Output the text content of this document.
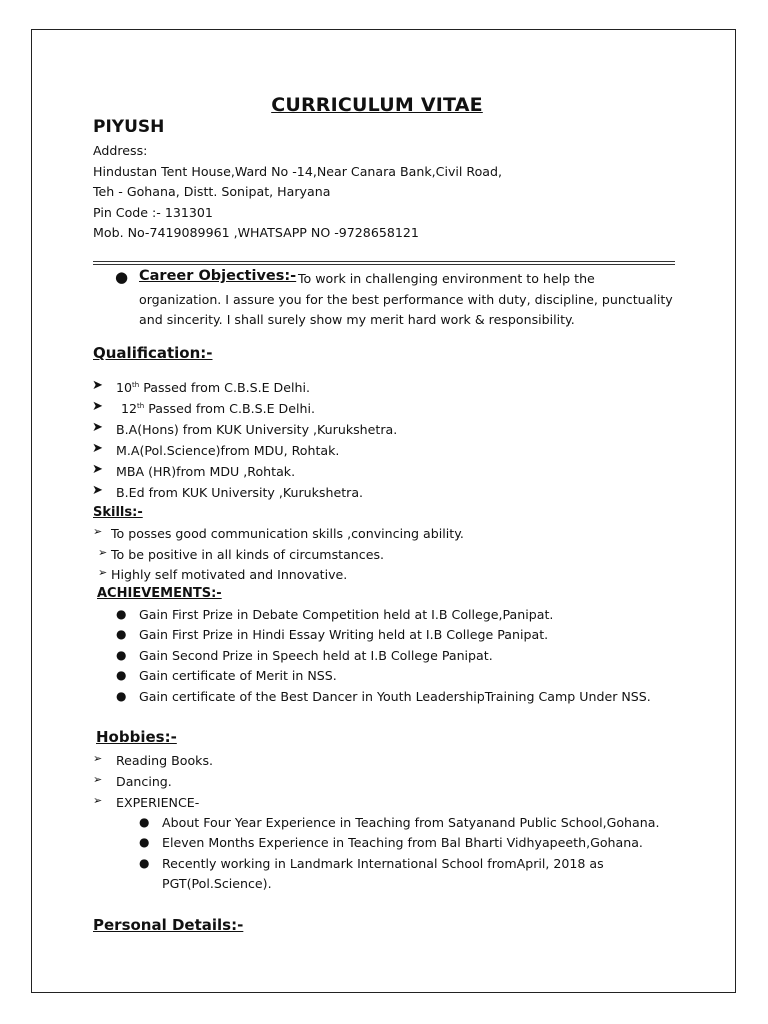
CURRICULUM VITAE
PIYUSH
Address:
Hindustan Tent House,Ward No -14,Near Canara Bank,Civil Road,
Teh - Gohana, Distt. Sonipat, Haryana
Pin Code :- 131301
Mob. No-7419089961 ,WHATSAPP NO -9728658121
● Career Objectives:- To work in challenging environment to help the
organization. I assure you for the best performance with duty, discipline, punctuality
and sincerity. I shall surely show my merit hard work & responsibility.
Qualification:-
➤ 10th Passed from C.B.S.E Delhi.
➤ 12th Passed from C.B.S.E Delhi.
➤ B.A(Hons) from KUK University ,Kurukshetra.
➤ M.A(Pol.Science)from MDU, Rohtak.
➤ MBA (HR)from MDU ,Rohtak.
➤ B.Ed from KUK University ,Kurukshetra.
Skills:-
➢ To posses good communication skills ,convincing ability.
➢ To be positive in all kinds of circumstances.
➢ Highly self motivated and Innovative.
ACHIEVEMENTS:-
● Gain First Prize in Debate Competition held at I.B College,Panipat.
● Gain First Prize in Hindi Essay Writing held at I.B College Panipat.
● Gain Second Prize in Speech held at I.B College Panipat.
● Gain certificate of Merit in NSS.
● Gain certificate of the Best Dancer in Youth LeadershipTraining Camp Under NSS.
Hobbies:-
➢ Reading Books.
➢ Dancing.
➢ EXPERIENCE-
● About Four Year Experience in Teaching from Satyanand Public School,Gohana.
● Eleven Months Experience in Teaching from Bal Bharti Vidhyapeeth,Gohana.
● Recently working in Landmark International School fromApril, 2018 as
PGT(Pol.Science).
Personal Details:-
